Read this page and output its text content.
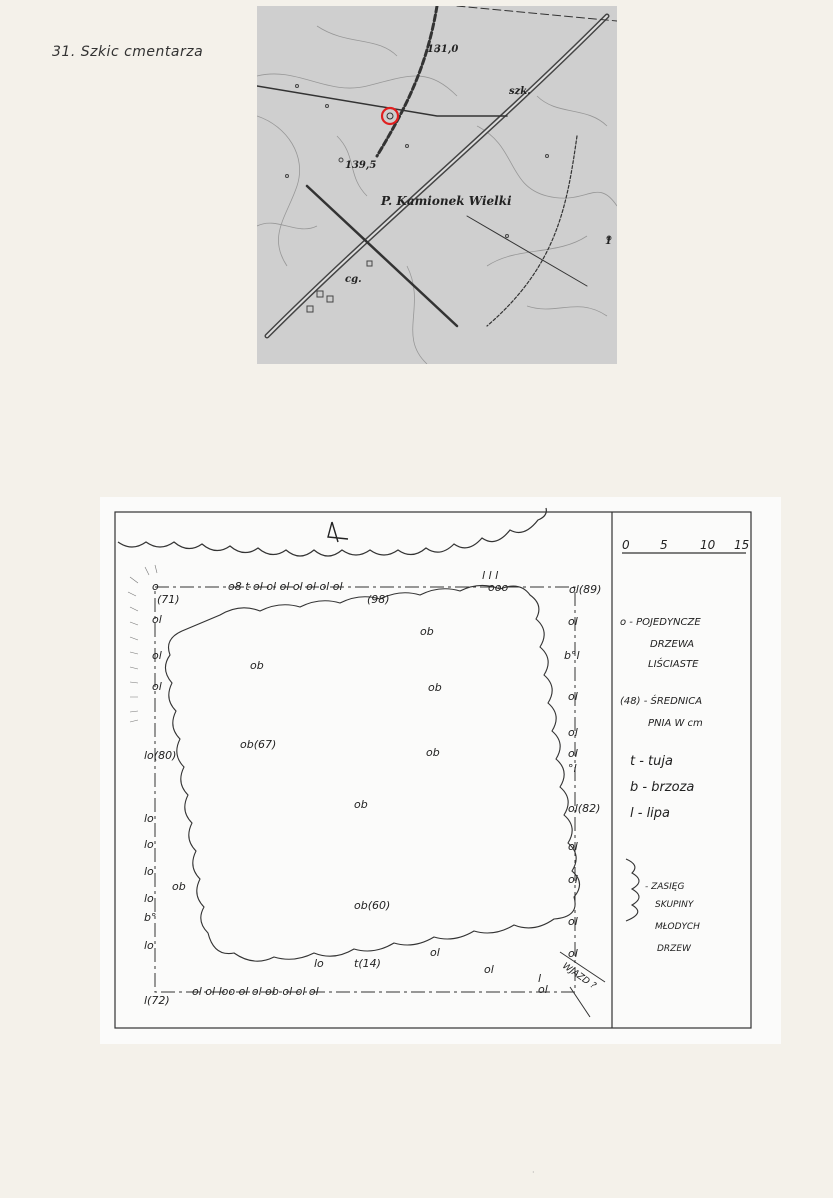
31. Szkic cmentarza	131,0
139,5
P. Kamionek Wielki
szk.
cg.
1
WJAZD ?
o8 t ol ol ol ol ol ol ol
l l l
ooo
(98)
(71)
o	ol(89)
ol
ol
ol
lo(80)
lo
lo
lo
lo
b°
lo
l(72)
ol
b°l
ol
ol
ol
°l
ol(82)
ol
ol
ol
ol
ol
ob
ob
ob
ob(67)
ob
ob
ob
ob(60)
ol
t(14)
lo	ol
ol ol loo ol ol ob ol ol ol
l
0	5	10 15
o - POJEDYNCZE
DRZEWA
LIŚCIASTE
(48) - ŚREDNICA
PNIA W cm
t - tuja
b - brzoza
l - lipa
- ZASIĘG
SKUPINY
MŁODYCH
DRZEW
·
